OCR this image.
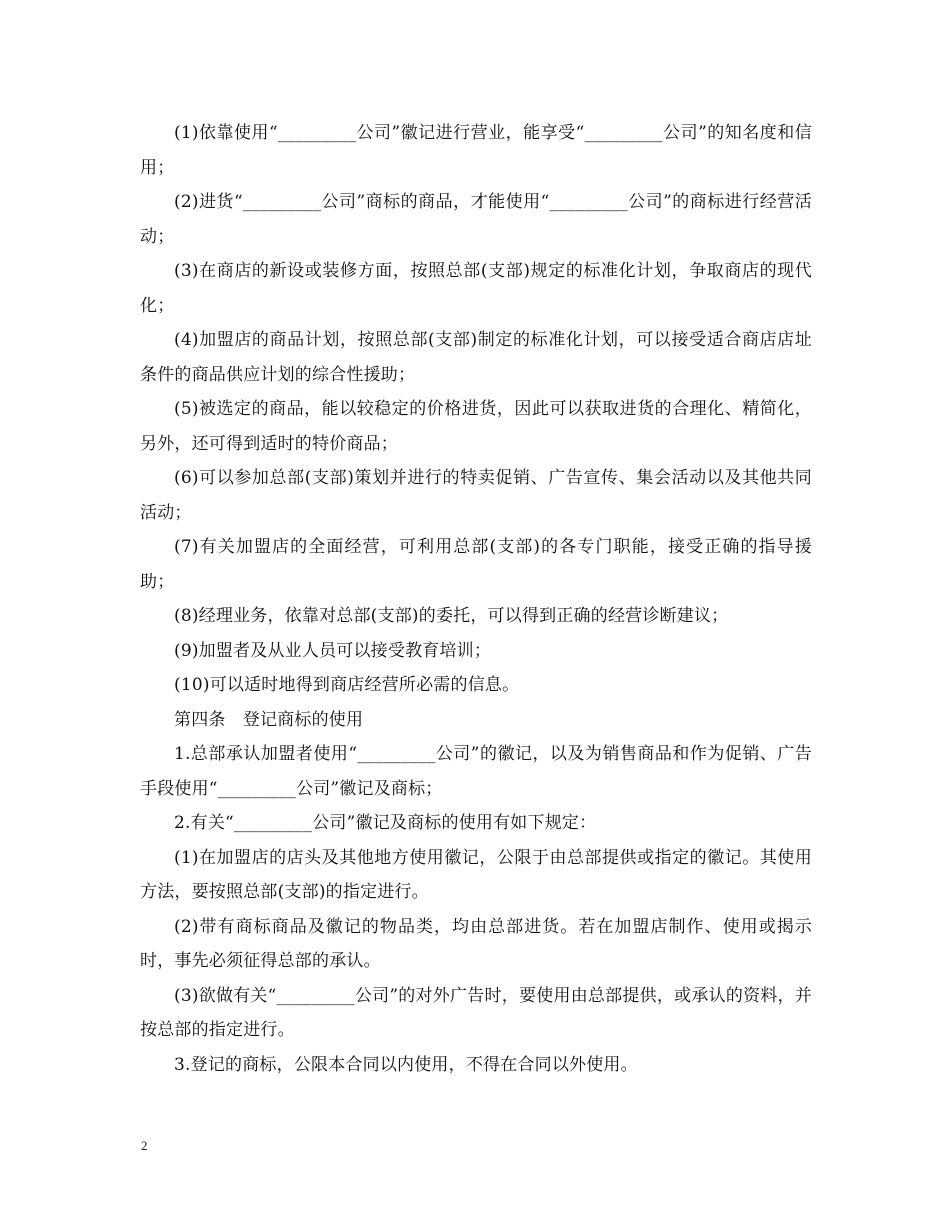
(1)依靠使用“_________公司”徽记进行营业，能享受“_________公司”的知名度和信用；

(2)进货“_________公司”商标的商品，才能使用“_________公司”的商标进行经营活动；

(3)在商店的新设或装修方面，按照总部(支部)规定的标准化计划，争取商店的现代化；

(4)加盟店的商品计划，按照总部(支部)制定的标准化计划，可以接受适合商店店址条件的商品供应计划的综合性援助；

(5)被选定的商品，能以较稳定的价格进货，因此可以获取进货的合理化、精简化，另外，还可得到适时的特价商品；

(6)可以参加总部(支部)策划并进行的特卖促销、广告宣传、集会活动以及其他共同活动；

(7)有关加盟店的全面经营，可利用总部(支部)的各专门职能，接受正确的指导援助；

(8)经理业务，依靠对总部(支部)的委托，可以得到正确的经营诊断建议；

(9)加盟者及从业人员可以接受教育培训；

(10)可以适时地得到商店经营所必需的信息。

第四条　登记商标的使用

1.总部承认加盟者使用“_________公司”的徽记，以及为销售商品和作为促销、广告手段使用“_________公司”徽记及商标；

2.有关“_________公司”徽记及商标的使用有如下规定：

(1)在加盟店的店头及其他地方使用徽记，公限于由总部提供或指定的徽记。其使用方法，要按照总部(支部)的指定进行。

(2)带有商标商品及徽记的物品类，均由总部进货。若在加盟店制作、使用或揭示时，事先必须征得总部的承认。

(3)欲做有关“_________公司”的对外广告时，要使用由总部提供，或承认的资料，并按总部的指定进行。

3.登记的商标，公限本合同以内使用，不得在合同以外使用。

2
